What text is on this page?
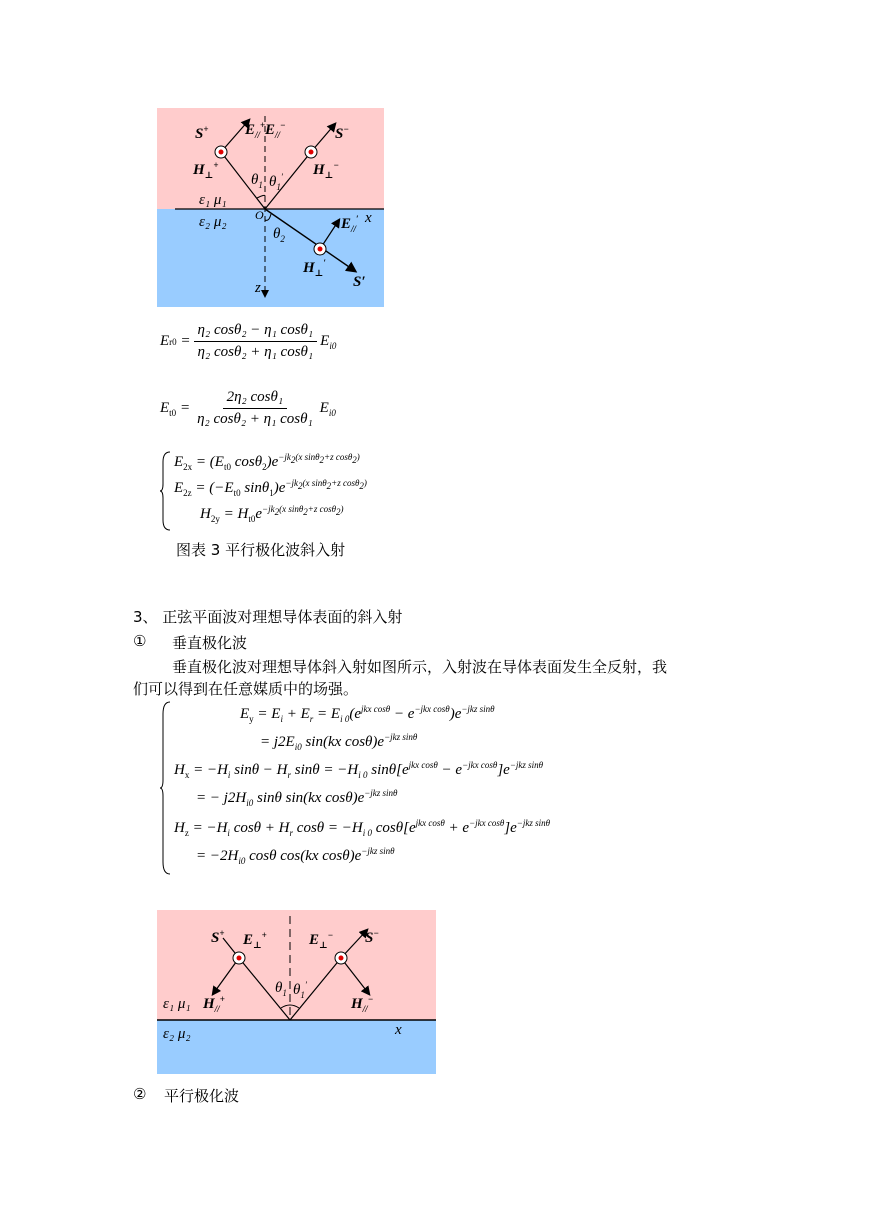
S+ $E_{//}^+$ $E_{//}^-$
S−
$H_\perp^+$	$H_\perp^-$
$\theta_1$ $\theta_1'$
ε₁ μ₁
O
ε₂ μ₂	x
$E_{//}'$
$\theta_2$
$H_\perp'$
S′
z
E $r0 = \frac{\text{η₂ cosθ₂ − η₁ cosθ₁}}{\text{η₂ cosθ₂ + η₁ cosθ₁}} E_{i0}$
$E_{t0} = \frac{\text{2η₂ cosθ₁}}{\text{η₂ cosθ₂ + η₁ cosθ₁}} E_{i0}$
$E_{2x} = (E_{t0}$ $\cos\theta_2)e^{-jk_2(x sin\theta_2+z cos\theta_2)}$
$E_{2z} = (-E_{t0}$ $\sin\theta_1)e^{-jk_2(x sin\theta_2+z cos\theta_2)}$
$H_{2y} = H_{t0}e^{-jk_2(x sin\theta_2+z cos\theta_2)}$
图表 3 平行极化波斜入射
3、 正弦平面波对理想导体表面的斜入射
① 垂直极化波
垂直极化波对理想导体斜入射如图所示，入射波在导体表面发生全反射，我
们可以得到在任意媒质中的场强。
$E_y = E_i + E_r = E_{i 0}(e^{jkx cos\theta} - e^{-jkx cos\theta})e^{-jkz sin\theta}$
= $j2E_{i0}$ sin(kx $\cos\theta)e^{-jkz sin\theta}$
$H_x = -H_i$ $\sin\theta - H_r$ $\sin\theta = -H_{i 0}$ $\sin\theta[e^{jkx cos\theta} - e^{-jkx cos\theta}]e^{-jkz sin\theta}$
= − $j2H_{i0}$ sinθ sin(kx $\cos\theta)e^{-jkz sin\theta}$
$H_z = -H_i$ $\cos\theta + H_r$ $\cos\theta = -H_{i 0}$ $\cos\theta[e^{jkx cos\theta} + e^{-jkx cos\theta}]e^{-jkz sin\theta}$
= $-2H_{i0}$ cosθ cos(kx $\cos\theta)e^{-jkz sin\theta}$
S+ $E_\perp^+$	$E_\perp^-$ S−
$\theta_1$ $\theta_1'$
ε₁ μ₁ $H_{//}^+$	$H_{//}^-$
ε₂ μ₂	x
② 平行极化波
